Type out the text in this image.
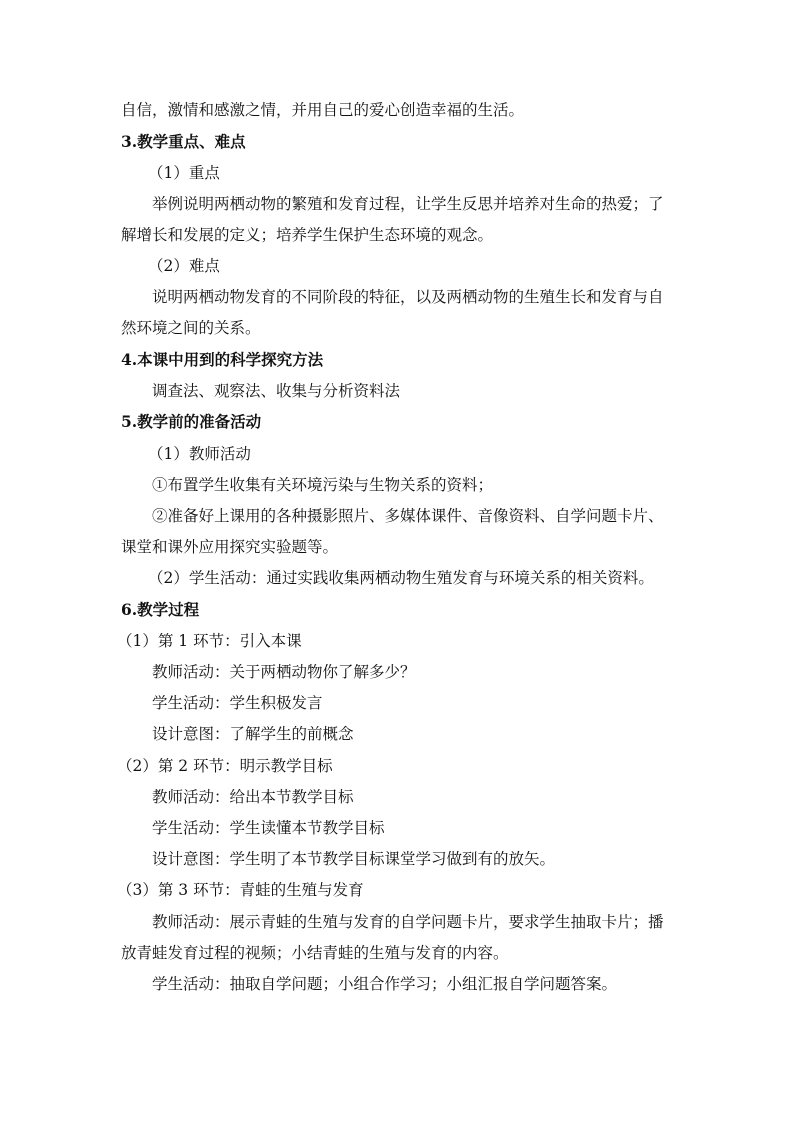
自信，激情和感激之情，并用自己的爱心创造幸福的生活。
3.教学重点、难点
（1）重点
举例说明两栖动物的繁殖和发育过程，让学生反思并培养对生命的热爱；了
解增长和发展的定义；培养学生保护生态环境的观念。
（2）难点
说明两栖动物发育的不同阶段的特征，以及两栖动物的生殖生长和发育与自
然环境之间的关系。
4.本课中用到的科学探究方法
调查法、观察法、收集与分析资料法
5.教学前的准备活动
（1）教师活动
①布置学生收集有关环境污染与生物关系的资料；
②准备好上课用的各种摄影照片、多媒体课件、音像资料、自学问题卡片、
课堂和课外应用探究实验题等。
（2）学生活动：通过实践收集两栖动物生殖发育与环境关系的相关资料。
6.教学过程
（1）第 1 环节：引入本课
教师活动：关于两栖动物你了解多少？
学生活动：学生积极发言
设计意图：了解学生的前概念
（2）第 2 环节：明示教学目标
教师活动：给出本节教学目标
学生活动：学生读懂本节教学目标
设计意图：学生明了本节教学目标课堂学习做到有的放矢。
（3）第 3 环节：青蛙的生殖与发育
教师活动：展示青蛙的生殖与发育的自学问题卡片，要求学生抽取卡片；播
放青蛙发育过程的视频；小结青蛙的生殖与发育的内容。
学生活动：抽取自学问题；小组合作学习；小组汇报自学问题答案。
